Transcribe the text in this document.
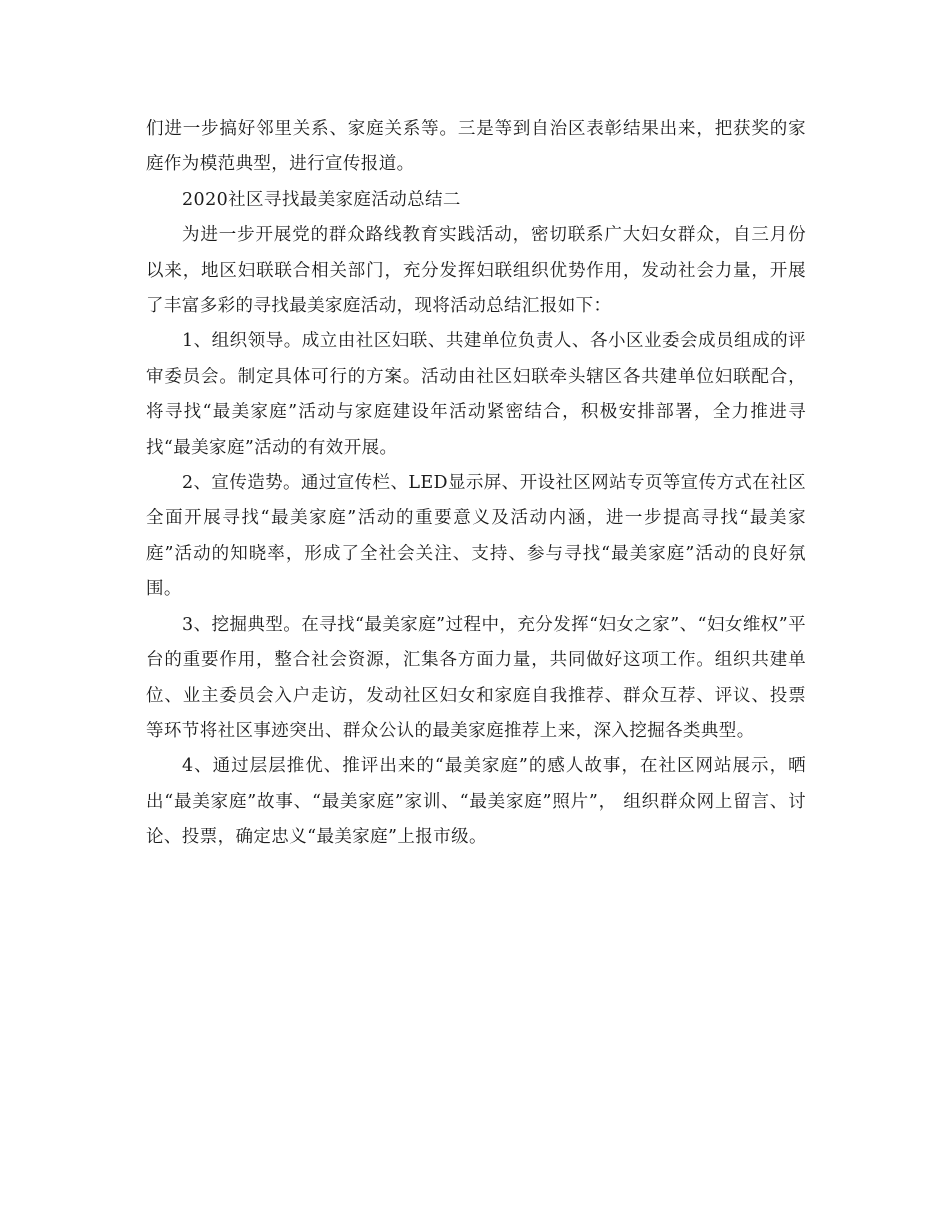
们进一步搞好邻里关系、家庭关系等。三是等到自治区表彰结果出来，把获奖的家庭作为模范典型，进行宣传报道。

2020社区寻找最美家庭活动总结二

为进一步开展党的群众路线教育实践活动，密切联系广大妇女群众，自三月份以来，地区妇联联合相关部门，充分发挥妇联组织优势作用，发动社会力量，开展了丰富多彩的寻找最美家庭活动，现将活动总结汇报如下：

1、组织领导。成立由社区妇联、共建单位负责人、各小区业委会成员组成的评审委员会。制定具体可行的方案。活动由社区妇联牵头辖区各共建单位妇联配合，将寻找“最美家庭”活动与家庭建设年活动紧密结合，积极安排部署，全力推进寻找“最美家庭”活动的有效开展。

2、宣传造势。通过宣传栏、LED显示屏、开设社区网站专页等宣传方式在社区全面开展寻找“最美家庭”活动的重要意义及活动内涵，进一步提高寻找“最美家庭”活动的知晓率，形成了全社会关注、支持、参与寻找“最美家庭”活动的良好氛围。

3、挖掘典型。在寻找“最美家庭”过程中，充分发挥“妇女之家”、“妇女维权”平台的重要作用，整合社会资源，汇集各方面力量，共同做好这项工作。组织共建单位、业主委员会入户走访，发动社区妇女和家庭自我推荐、群众互荐、评议、投票等环节将社区事迹突出、群众公认的最美家庭推荐上来，深入挖掘各类典型。

4、通过层层推优、推评出来的“最美家庭”的感人故事，在社区网站展示，晒出“最美家庭”故事、“最美家庭”家训、“最美家庭”照片”， 组织群众网上留言、讨论、投票，确定忠义“最美家庭”上报市级。
